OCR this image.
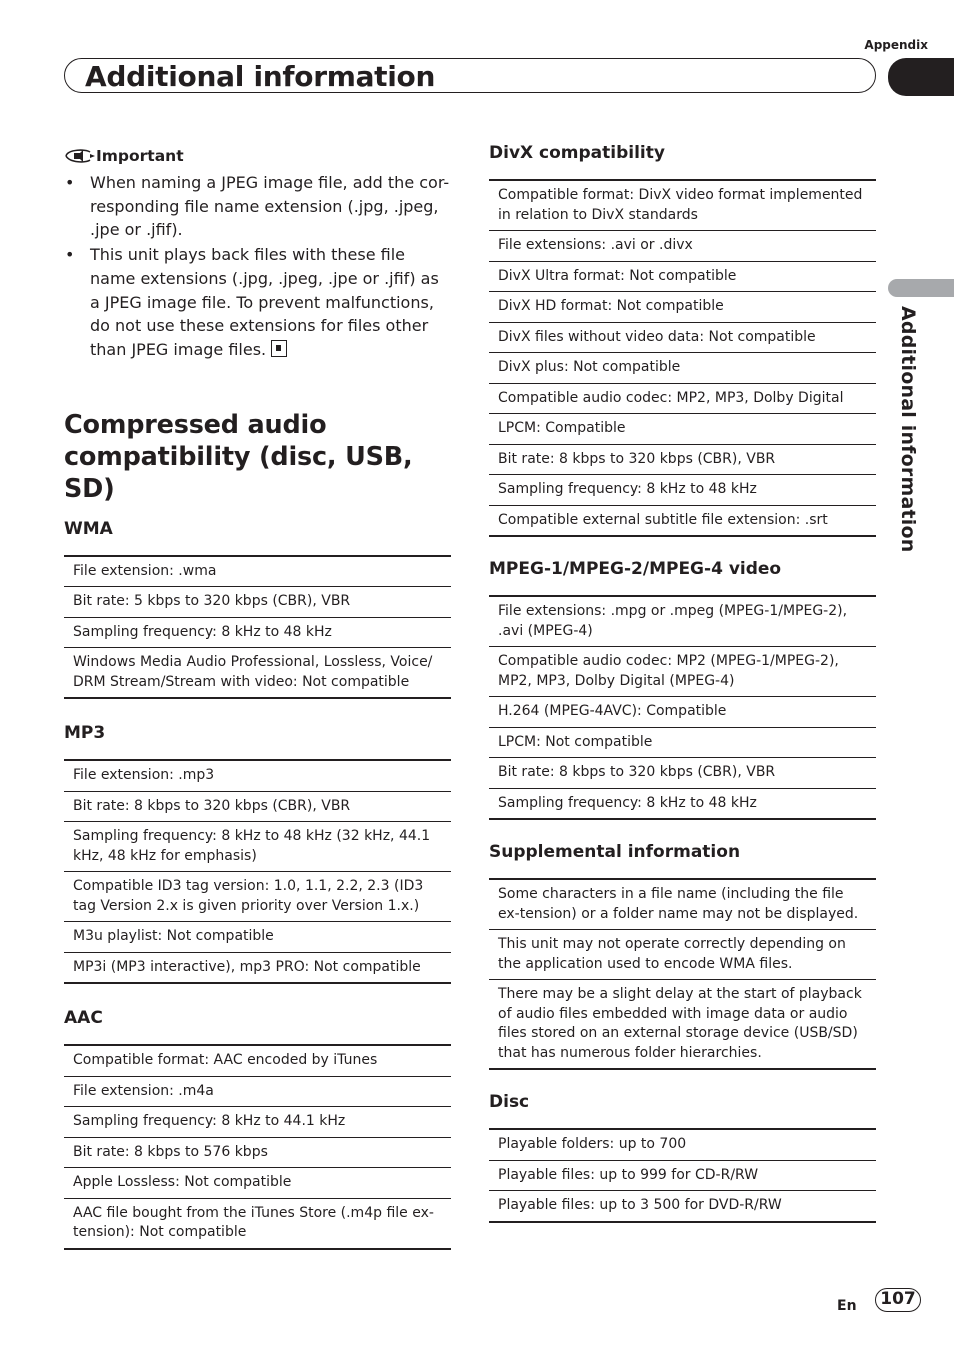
Appendix
Additional information
Additional information
Important
• When naming a JPEG image file, add the cor-responding file name extension (.jpg, .jpeg, .jpe or .jfif).
• This unit plays back files with these file name extensions (.jpg, .jpeg, .jpe or .jfif) as a JPEG image file. To prevent malfunctions, do not use these extensions for files other than JPEG image files.
Compressed audio compatibility (disc, USB, SD)
WMA
File extension: .wma
Bit rate: 5 kbps to 320 kbps (CBR), VBR
Sampling frequency: 8 kHz to 48 kHz
Windows Media Audio Professional, Lossless, Voice/ DRM Stream/Stream with video: Not compatible
MP3
File extension: .mp3
Bit rate: 8 kbps to 320 kbps (CBR), VBR
Sampling frequency: 8 kHz to 48 kHz (32 kHz, 44.1 kHz, 48 kHz for emphasis)
Compatible ID3 tag version: 1.0, 1.1, 2.2, 2.3 (ID3 tag Version 2.x is given priority over Version 1.x.)
M3u playlist: Not compatible
MP3i (MP3 interactive), mp3 PRO: Not compatible
AAC
Compatible format: AAC encoded by iTunes
File extension: .m4a
Sampling frequency: 8 kHz to 44.1 kHz
Bit rate: 8 kbps to 576 kbps
Apple Lossless: Not compatible
AAC file bought from the iTunes Store (.m4p file ex-tension): Not compatible
DivX compatibility
Compatible format: DivX video format implemented in relation to DivX standards
File extensions: .avi or .divx
DivX Ultra format: Not compatible
DivX HD format: Not compatible
DivX files without video data: Not compatible
DivX plus: Not compatible
Compatible audio codec: MP2, MP3, Dolby Digital
LPCM: Compatible
Bit rate: 8 kbps to 320 kbps (CBR), VBR
Sampling frequency: 8 kHz to 48 kHz
Compatible external subtitle file extension: .srt
MPEG-1/MPEG-2/MPEG-4 video
File extensions: .mpg or .mpeg (MPEG-1/MPEG-2), .avi (MPEG-4)
Compatible audio codec: MP2 (MPEG-1/MPEG-2), MP2, MP3, Dolby Digital (MPEG-4)
H.264 (MPEG-4AVC): Compatible
LPCM: Not compatible
Bit rate: 8 kbps to 320 kbps (CBR), VBR
Sampling frequency: 8 kHz to 48 kHz
Supplemental information
Some characters in a file name (including the file ex-tension) or a folder name may not be displayed.
This unit may not operate correctly depending on the application used to encode WMA files.
There may be a slight delay at the start of playback of audio files embedded with image data or audio files stored on an external storage device (USB/SD) that has numerous folder hierarchies.
Disc
Playable folders: up to 700
Playable files: up to 999 for CD-R/RW
Playable files: up to 3 500 for DVD-R/RW
En	107
